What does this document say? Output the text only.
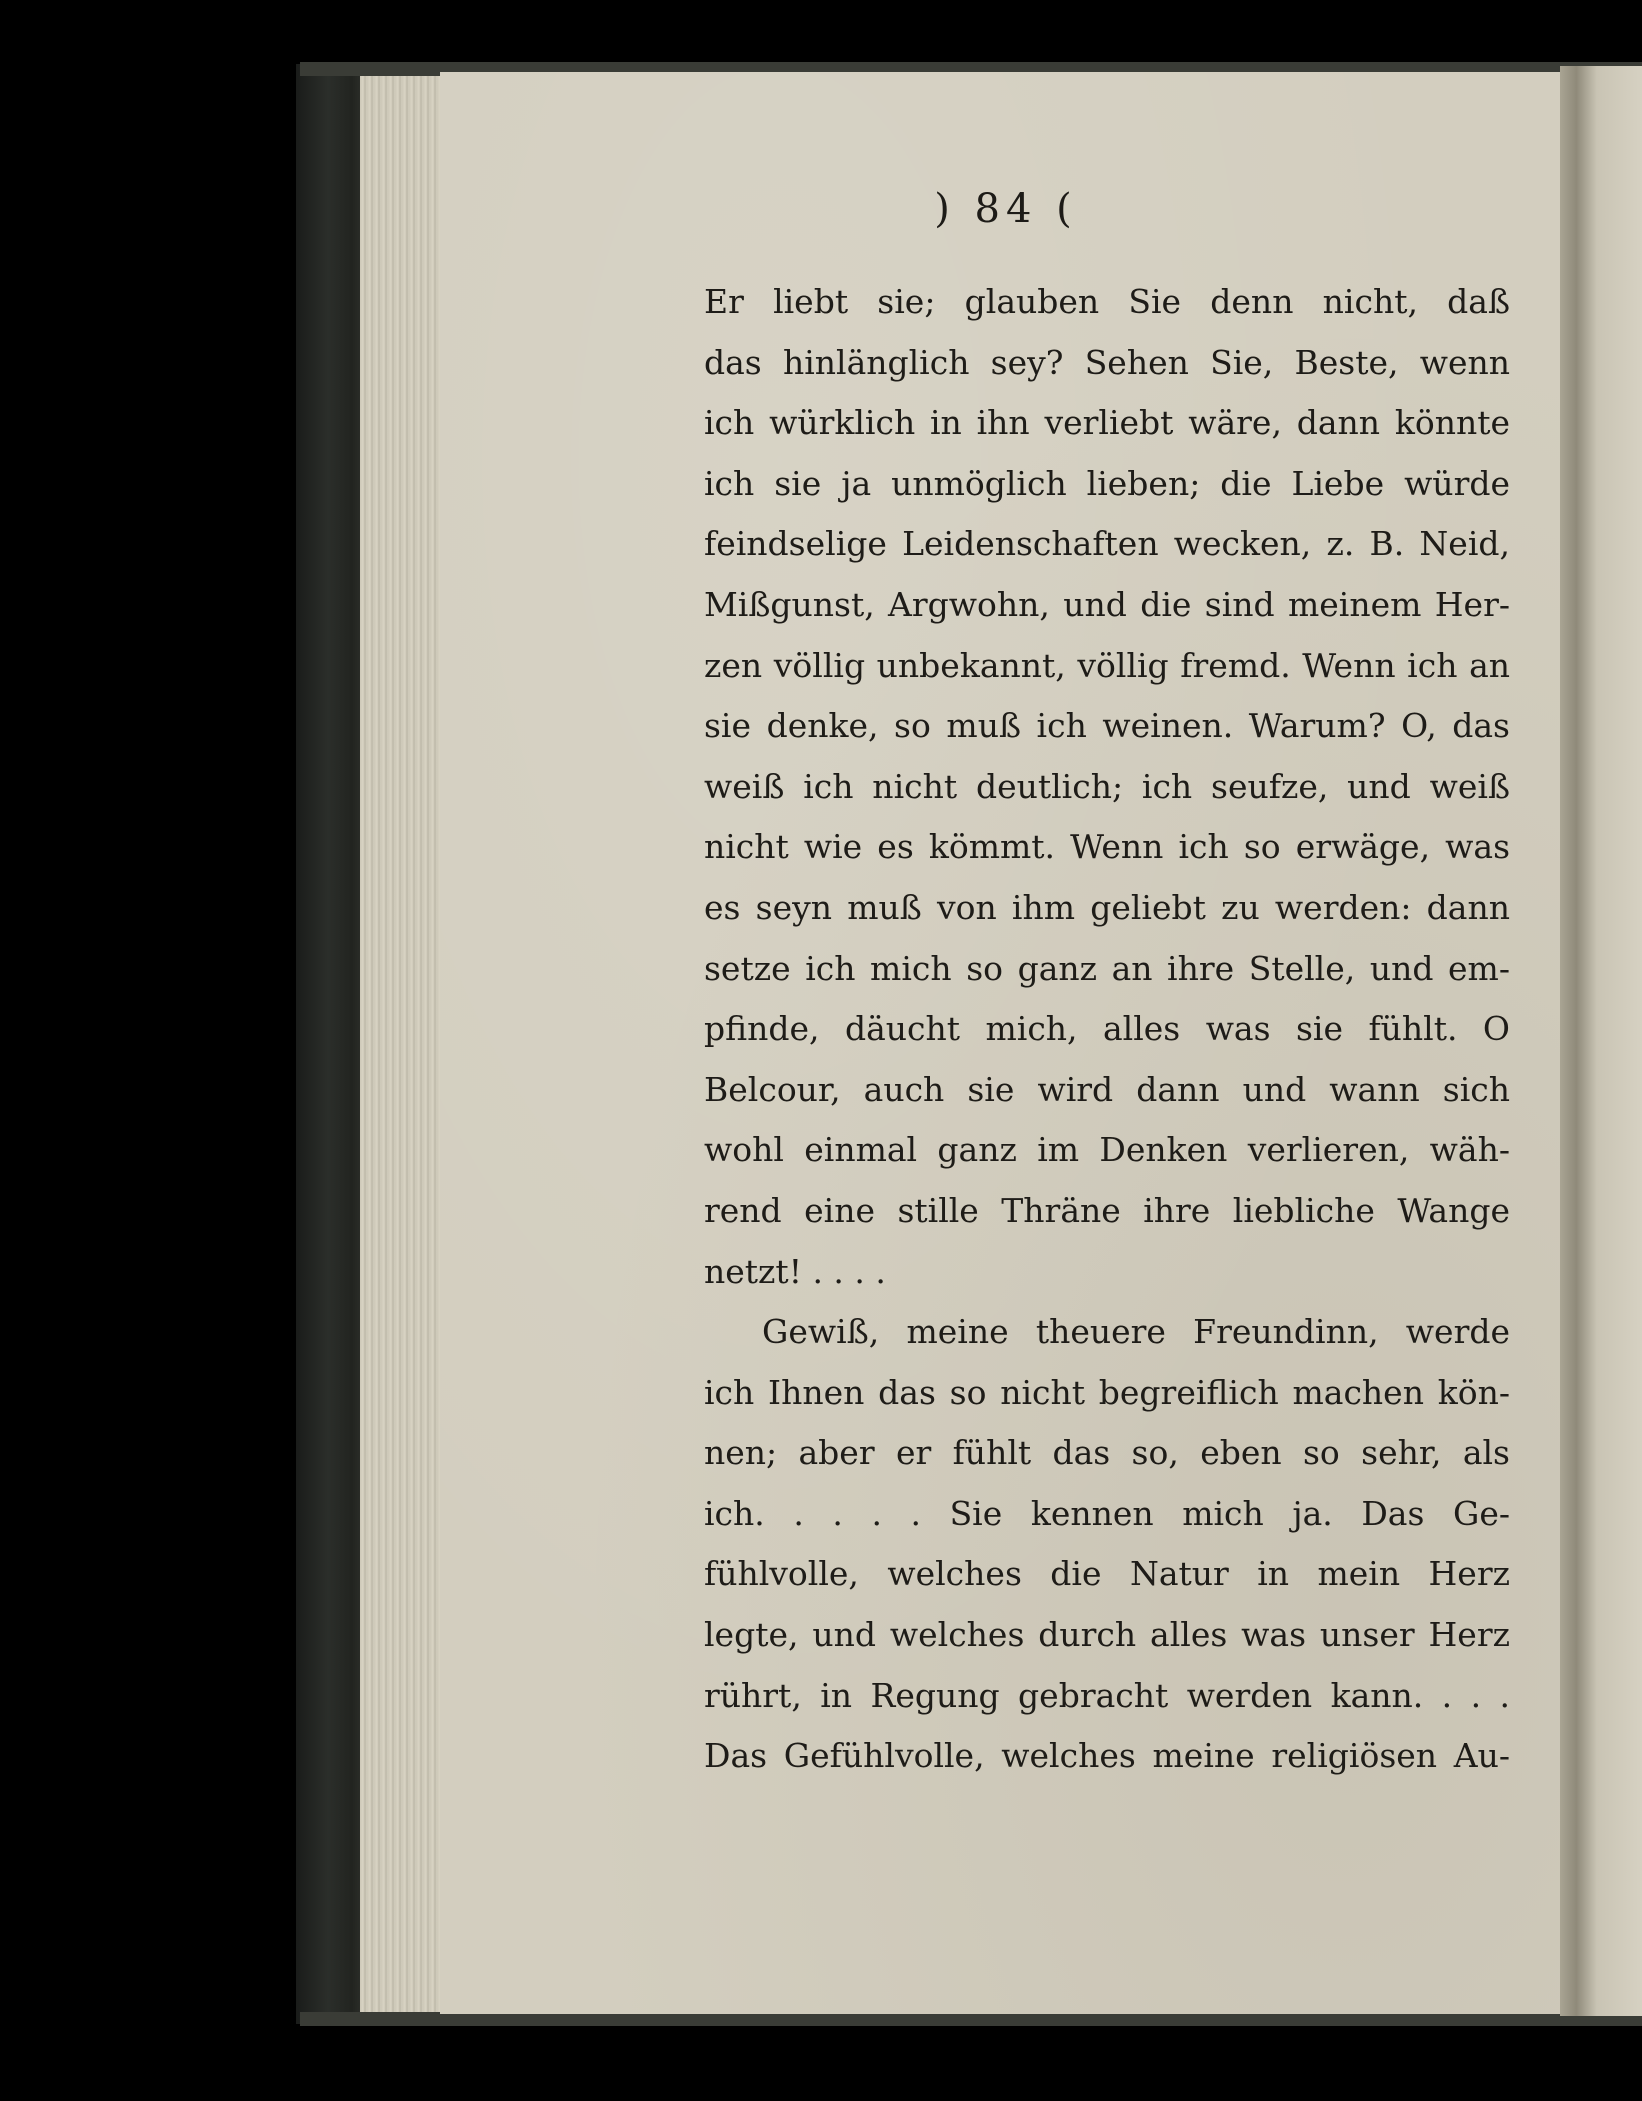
) 84 (
Er liebt sie; glauben Sie denn nicht, daß
das hinlänglich sey? Sehen Sie, Beste, wenn
ich würklich in ihn verliebt wäre, dann könnte
ich sie ja unmöglich lieben; die Liebe würde
feindselige Leidenschaften wecken, z. B. Neid,
Mißgunst, Argwohn, und die sind meinem Her-
zen völlig unbekannt, völlig fremd. Wenn ich an
sie denke, so muß ich weinen. Warum? O, das
weiß ich nicht deutlich; ich seufze, und weiß
nicht wie es kömmt. Wenn ich so erwäge, was
es seyn muß von ihm geliebt zu werden: dann
setze ich mich so ganz an ihre Stelle, und em-
pfinde, däucht mich, alles was sie fühlt. O
Belcour, auch sie wird dann und wann sich
wohl einmal ganz im Denken verlieren, wäh-
rend eine stille Thräne ihre liebliche Wange
netzt! . . . .
Gewiß, meine theuere Freundinn, werde
ich Ihnen das so nicht begreiflich machen kön-
nen; aber er fühlt das so, eben so sehr, als
ich. . . . . Sie kennen mich ja. Das Ge-
fühlvolle, welches die Natur in mein Herz
legte, und welches durch alles was unser Herz
rührt, in Regung gebracht werden kann. . . .
Das Gefühlvolle, welches meine religiösen Au-
